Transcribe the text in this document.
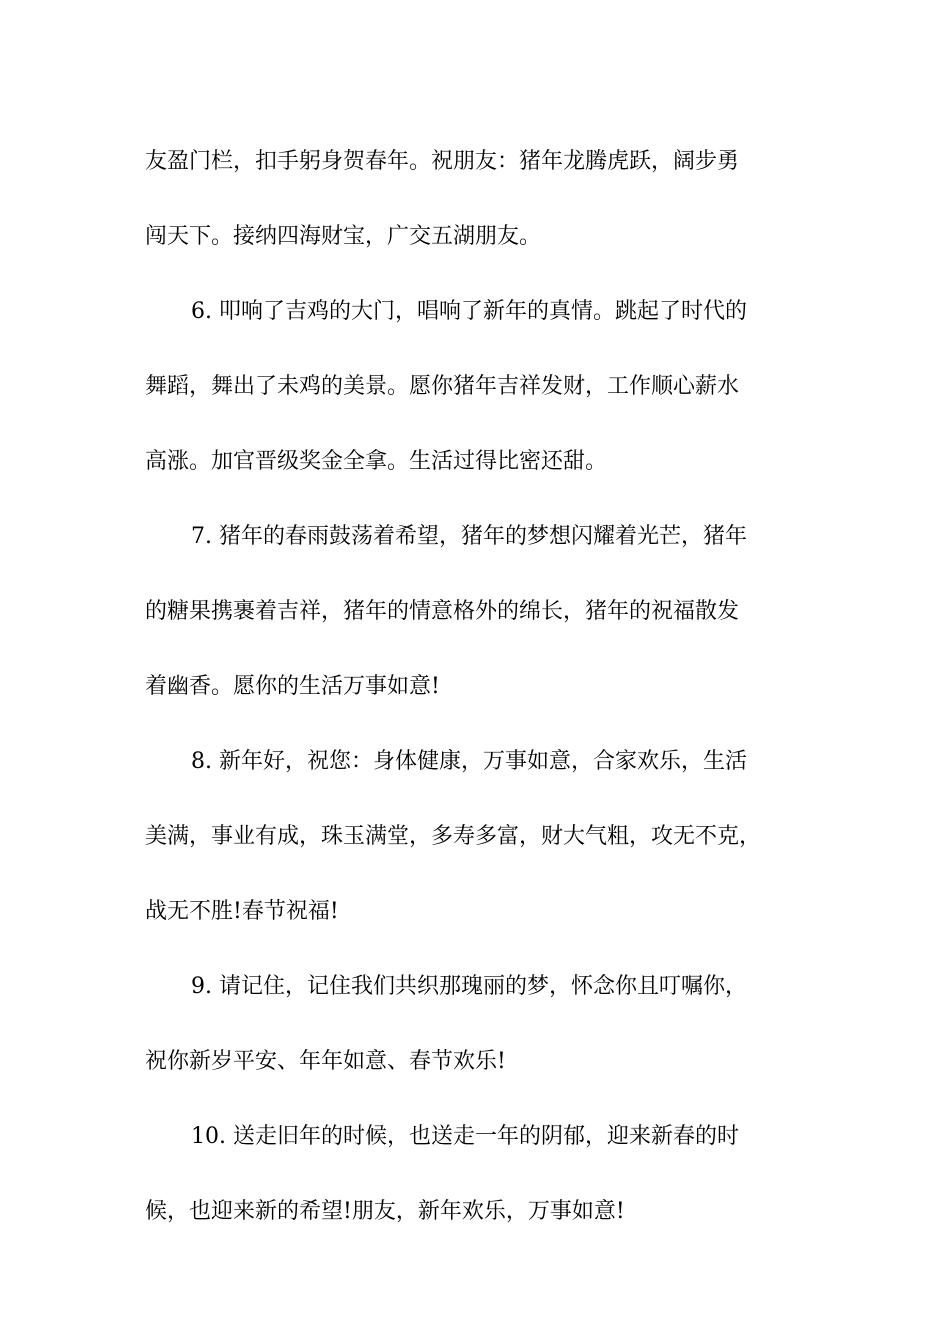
友盈门栏，扣手躬身贺春年。祝朋友：猪年龙腾虎跃，阔步勇
闯天下。接纳四海财宝，广交五湖朋友。
6. 叩响了吉鸡的大门，唱响了新年的真情。跳起了时代的
舞蹈，舞出了未鸡的美景。愿你猪年吉祥发财，工作顺心薪水
高涨。加官晋级奖金全拿。生活过得比密还甜。
7. 猪年的春雨鼓荡着希望，猪年的梦想闪耀着光芒，猪年
的糖果携裹着吉祥，猪年的情意格外的绵长，猪年的祝福散发
着幽香。愿你的生活万事如意!
8. 新年好，祝您：身体健康，万事如意，合家欢乐，生活
美满，事业有成，珠玉满堂，多寿多富，财大气粗，攻无不克，
战无不胜!春节祝福!
9. 请记住，记住我们共织那瑰丽的梦，怀念你且叮嘱你，
祝你新岁平安、年年如意、春节欢乐!
10. 送走旧年的时候，也送走一年的阴郁，迎来新春的时
候，也迎来新的希望!朋友，新年欢乐，万事如意!
